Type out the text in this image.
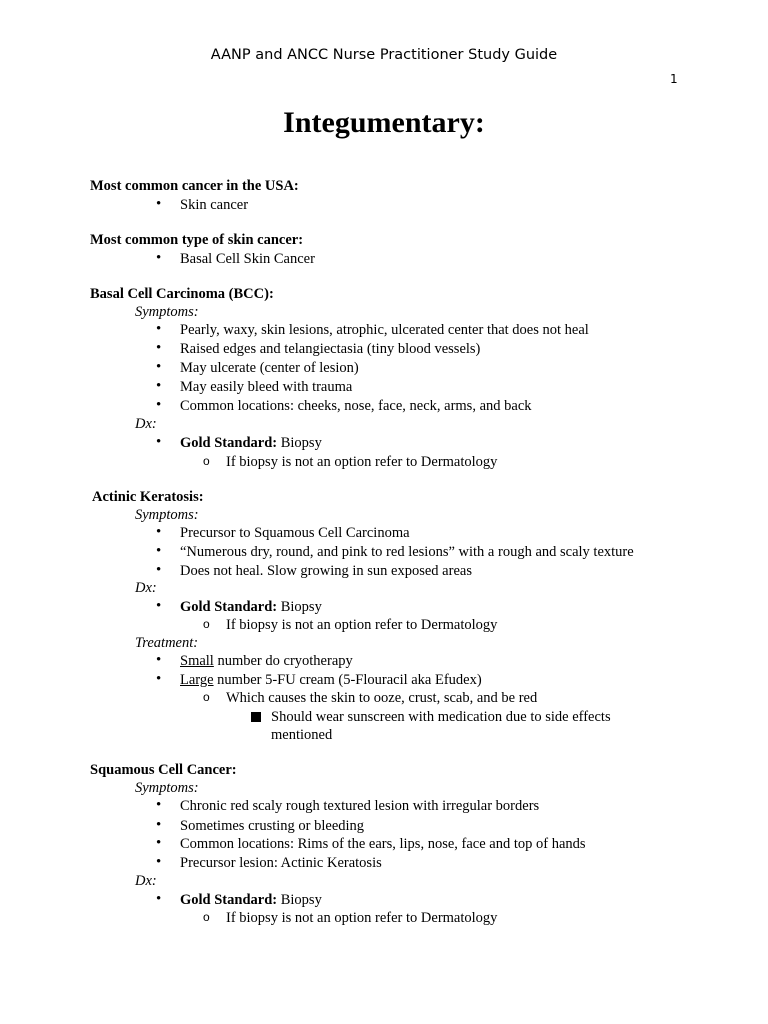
AANP and ANCC Nurse Practitioner Study Guide
1
Integumentary:
Most common cancer in the USA:
• Skin cancer
Most common type of skin cancer:
• Basal Cell Skin Cancer
Basal Cell Carcinoma (BCC):
Symptoms:
• Pearly, waxy, skin lesions, atrophic, ulcerated center that does not heal
• Raised edges and telangiectasia (tiny blood vessels)
• May ulcerate (center of lesion)
• May easily bleed with trauma
• Common locations: cheeks, nose, face, neck, arms, and back
Dx:
• Gold Standard: Biopsy
o If biopsy is not an option refer to Dermatology
Actinic Keratosis:
Symptoms:
• Precursor to Squamous Cell Carcinoma
• “Numerous dry, round, and pink to red lesions” with a rough and scaly texture
• Does not heal. Slow growing in sun exposed areas
Dx:
• Gold Standard: Biopsy
o If biopsy is not an option refer to Dermatology
Treatment:
• Small number do cryotherapy
• Large number 5-FU cream (5-Flouracil aka Efudex)
o Which causes the skin to ooze, crust, scab, and be red
Should wear sunscreen with medication due to side effects
mentioned
Squamous Cell Cancer:
Symptoms:
• Chronic red scaly rough textured lesion with irregular borders
• Sometimes crusting or bleeding
• Common locations: Rims of the ears, lips, nose, face and top of hands
• Precursor lesion: Actinic Keratosis
Dx:
• Gold Standard: Biopsy
o If biopsy is not an option refer to Dermatology
